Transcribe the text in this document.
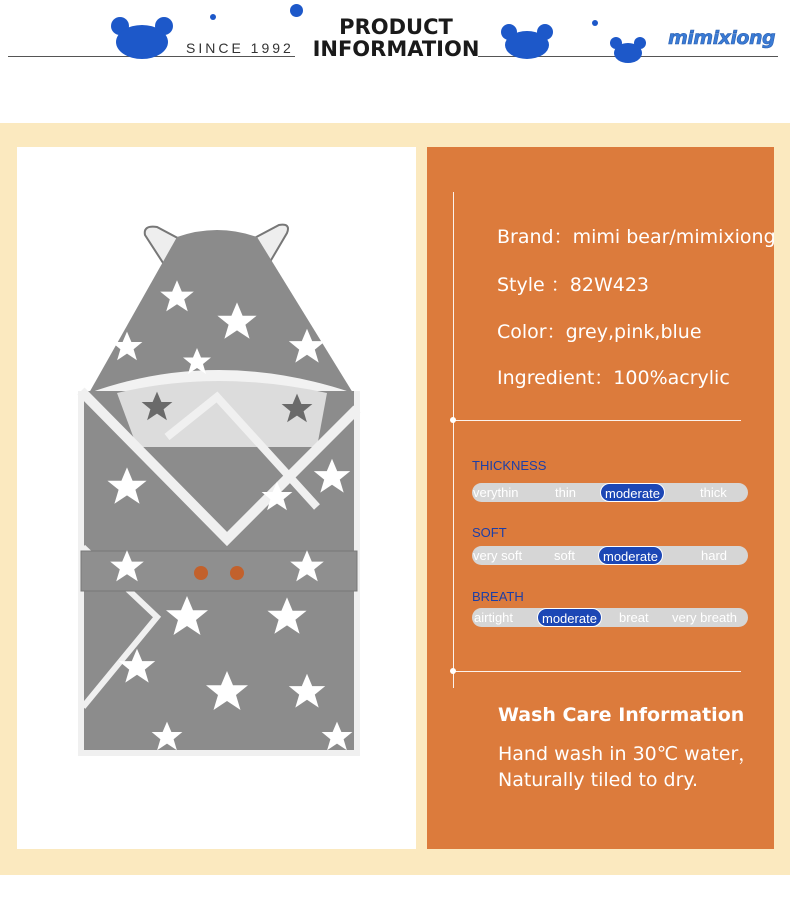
SINCE 1992
PRODUCT
INFORMATION	mimixiong
Brand：mimi bear/mimixiong
Style ：82W423
Color：grey,pink,blue
Ingredient：100%acrylic
THICKNESS
verythin	thin	moderate	thick
SOFT
very soft soft	moderate	hard
BREATH
airtight	moderate	breat very breath
Wash Care Information
Hand wash in 30℃ water，
Naturally tiled to dry.
